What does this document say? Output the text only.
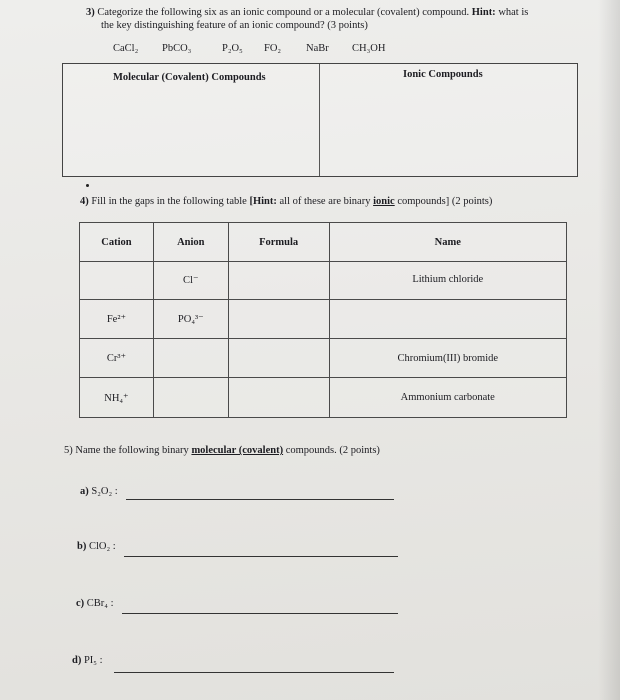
3) Categorize the following six as an ionic compound or a molecular (covalent) compound. Hint: what is
the key distinguishing feature of an ionic compound? (3 points)
CaCl₂ PbCO₃	P₂O₅ FO₂ NaBr CH₃OH
Molecular (Covalent) Compounds	Ionic Compounds
4) Fill in the gaps in the following table [Hint: all of these are binary ionic compounds] (2 points)
Cation	Anion	Formula	Name
	Cl⁻		Lithium chloride
Fe²⁺	PO₄³⁻		
Cr³⁺			Chromium(III) bromide
NH₄⁺			Ammonium carbonate
5) Name the following binary molecular (covalent) compounds. (2 points)
a) S₂O₂ :
b) ClO₂ :
c) CBr₄ :
d) PI₅ :
